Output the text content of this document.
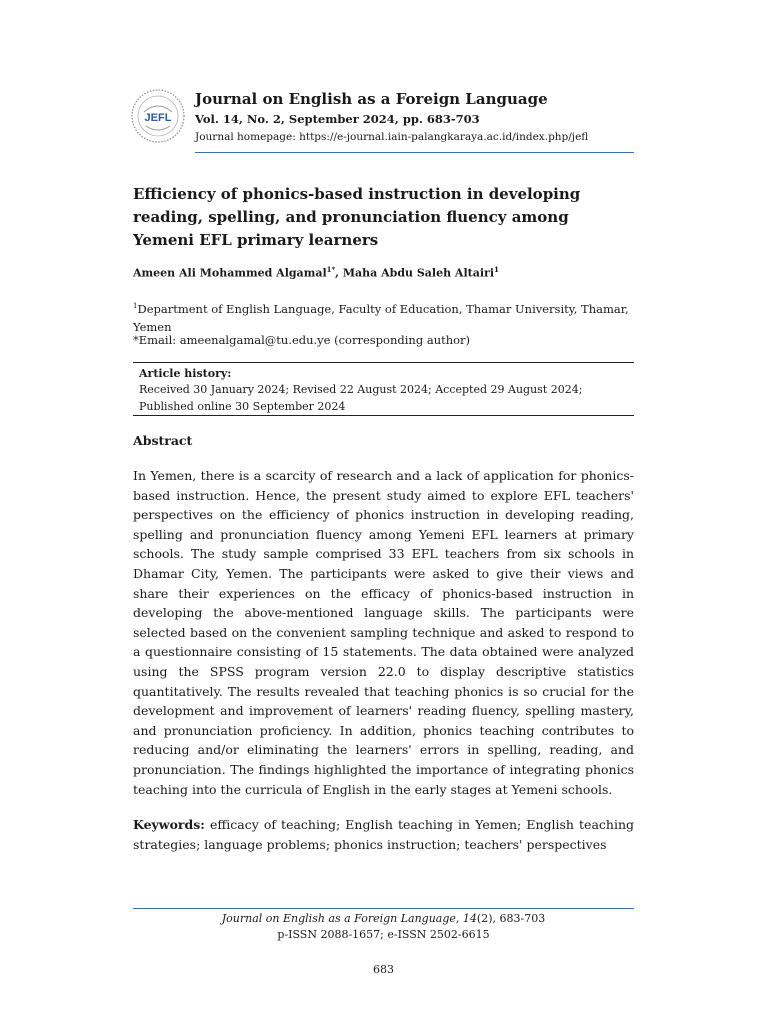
JEFL
Journal on English as a Foreign Language
Vol. 14, No. 2, September 2024, pp. 683-703
Journal homepage: https://e-journal.iain-palangkaraya.ac.id/index.php/jefl
Efficiency of phonics-based instruction in developing reading, spelling, and pronunciation fluency among Yemeni EFL primary learners
Ameen Ali Mohammed Algamal$^{1*}$, Maha Abdu Saleh Altairi$^1$
$^1$Department of English Language, Faculty of Education, Thamar University, Thamar, Yemen
*Email: ameenalgamal@tu.edu.ye (corresponding author)
Article history:
Received 30 January 2024; Revised 22 August 2024; Accepted 29 August 2024;
Published online 30 September 2024
Abstract

In Yemen, there is a scarcity of research and a lack of application for phonics-based instruction. Hence, the present study aimed to explore EFL teachers' perspectives on the efficiency of phonics instruction in developing reading, spelling and pronunciation fluency among Yemeni EFL learners at primary schools. The study sample comprised 33 EFL teachers from six schools in Dhamar City, Yemen. The participants were asked to give their views and share their experiences on the efficacy of phonics-based instruction in developing the above-mentioned language skills. The participants were selected based on the convenient sampling technique and asked to respond to a questionnaire consisting of 15 statements. The data obtained were analyzed using the SPSS program version 22.0 to display descriptive statistics quantitatively. The results revealed that teaching phonics is so crucial for the development and improvement of learners' reading fluency, spelling mastery, and pronunciation proficiency. In addition, phonics teaching contributes to reducing and/or eliminating the learners' errors in spelling, reading, and pronunciation. The findings highlighted the importance of integrating phonics teaching into the curricula of English in the early stages at Yemeni schools.

Keywords: efficacy of teaching; English teaching in Yemen; English teaching strategies; language problems; phonics instruction; teachers' perspectives

Journal on English as a Foreign Language, 14(2), 683-703
p-ISSN 2088-1657; e-ISSN 2502-6615
683
